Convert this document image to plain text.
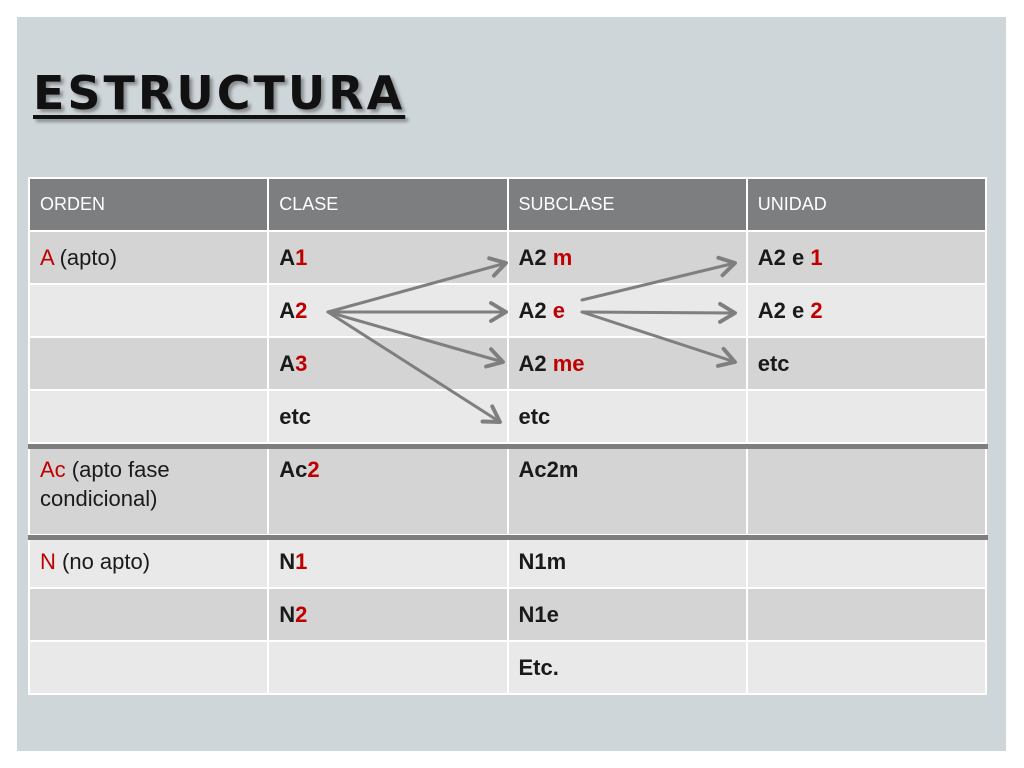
ESTRUCTURA
ORDEN	CLASE	SUBCLASE	UNIDAD
A (apto)	A1	A2 m	A2 e 1
	A2	A2 e	A2 e 2
	A3	A2 me	etc
	etc	etc	
Ac (apto fase condicional)	Ac2	Ac2m	
N (no apto)	N1	N1m	
	N2	N1e	
		Etc.	
